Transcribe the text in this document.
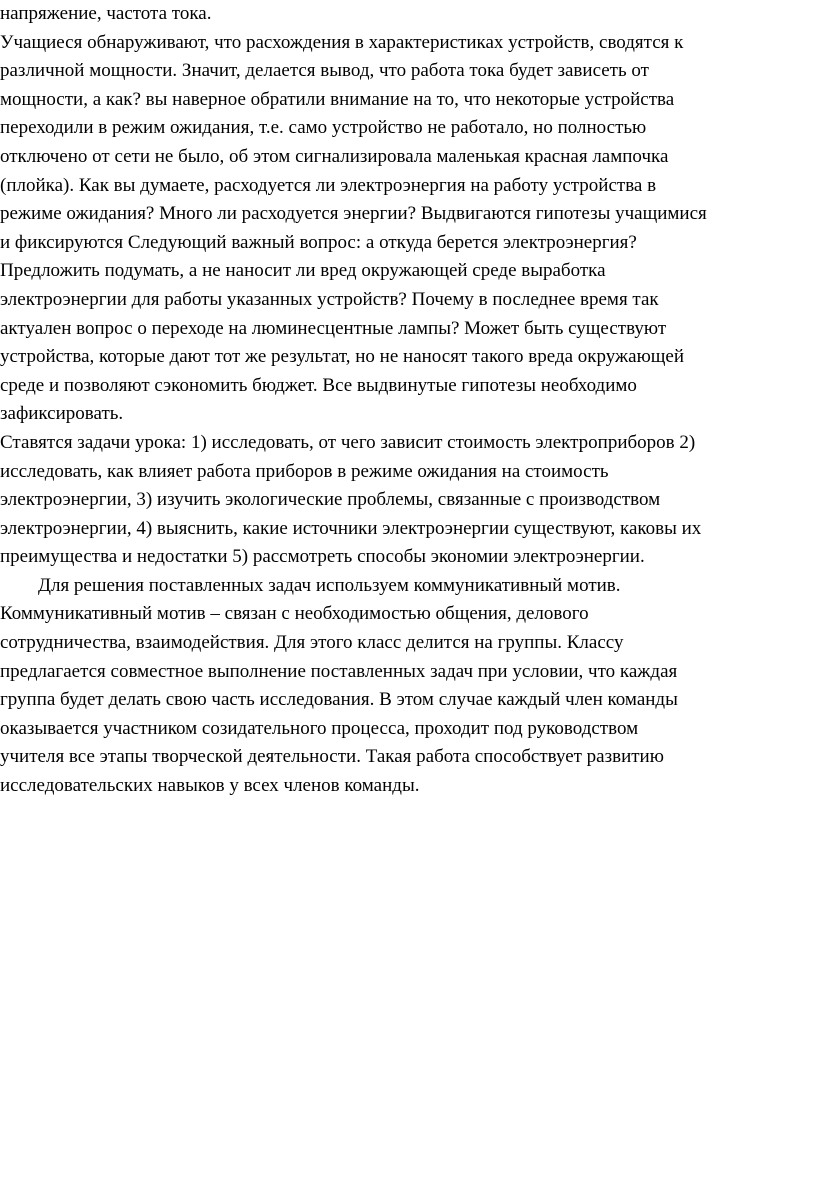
напряжение, частота тока.
Учащиеся обнаруживают, что расхождения в характеристиках устройств, сводятся к
различной мощности. Значит, делается вывод, что работа тока будет зависеть от
мощности, а как? вы наверное обратили внимание на то, что некоторые устройства
переходили в режим ожидания, т.е. само устройство не работало, но полностью
отключено от сети не было, об этом сигнализировала маленькая красная лампочка
(плойка). Как вы думаете, расходуется ли электроэнергия на работу устройства в
режиме ожидания? Много ли расходуется энергии? Выдвигаются гипотезы учащимися
и фиксируются Следующий важный вопрос: а откуда берется электроэнергия?
Предложить подумать, а не наносит ли вред окружающей среде выработка
электроэнергии для работы указанных устройств? Почему в последнее время так
актуален вопрос о переходе на люминесцентные лампы? Может быть существуют
устройства, которые дают тот же результат, но не наносят такого вреда окружающей
среде и позволяют сэкономить бюджет. Все выдвинутые гипотезы необходимо
зафиксировать.
Ставятся задачи урока: 1) исследовать, от чего зависит стоимость электроприборов 2)
исследовать, как влияет работа приборов в режиме ожидания на стоимость
электроэнергии, 3) изучить экологические проблемы, связанные с производством
электроэнергии, 4) выяснить, какие источники электроэнергии существуют, каковы их
преимущества и недостатки 5) рассмотреть способы экономии электроэнергии.
Для решения поставленных задач используем коммуникативный мотив.
Коммуникативный мотив – связан с необходимостью общения, делового
сотрудничества, взаимодействия. Для этого класс делится на группы. Классу
предлагается совместное выполнение поставленных задач при условии, что каждая
группа будет делать свою часть исследования. В этом случае каждый член команды
оказывается участником созидательного процесса, проходит под руководством
учителя все этапы творческой деятельности. Такая работа способствует развитию
исследовательских навыков у всех членов команды.
